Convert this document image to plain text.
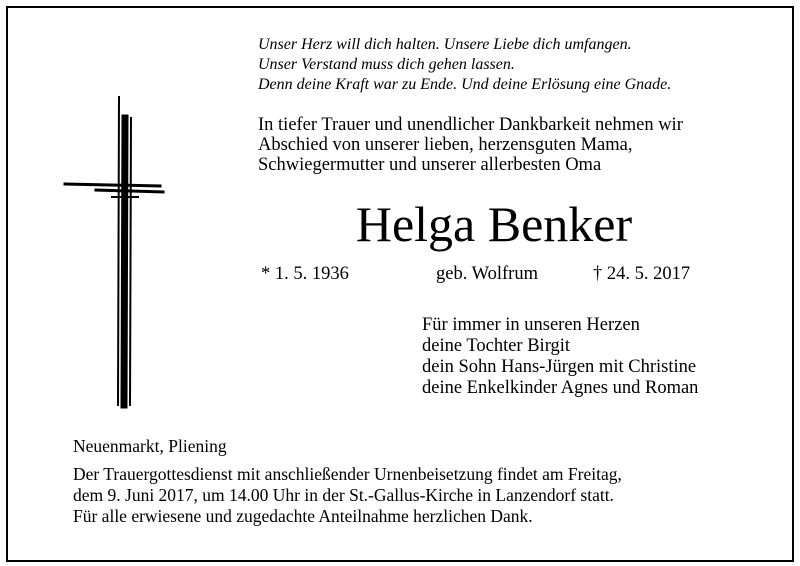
Unser Herz will dich halten. Unsere Liebe dich umfangen.
Unser Verstand muss dich gehen lassen.
Denn deine Kraft war zu Ende. Und deine Erlösung eine Gnade.
In tiefer Trauer und unendlicher Dankbarkeit nehmen wir
Abschied von unserer lieben, herzensguten Mama,
Schwiegermutter und unserer allerbesten Oma
Helga Benker
* 1. 5. 1936	geb. Wolfrum	† 24. 5. 2017
Für immer in unseren Herzen
deine Tochter Birgit
dein Sohn Hans-Jürgen mit Christine
deine Enkelkinder Agnes und Roman
Neuenmarkt, Pliening
Der Trauergottesdienst mit anschließender Urnenbeisetzung findet am Freitag,
dem 9. Juni 2017, um 14.00 Uhr in der St.-Gallus-Kirche in Lanzendorf statt.
Für alle erwiesene und zugedachte Anteilnahme herzlichen Dank.
